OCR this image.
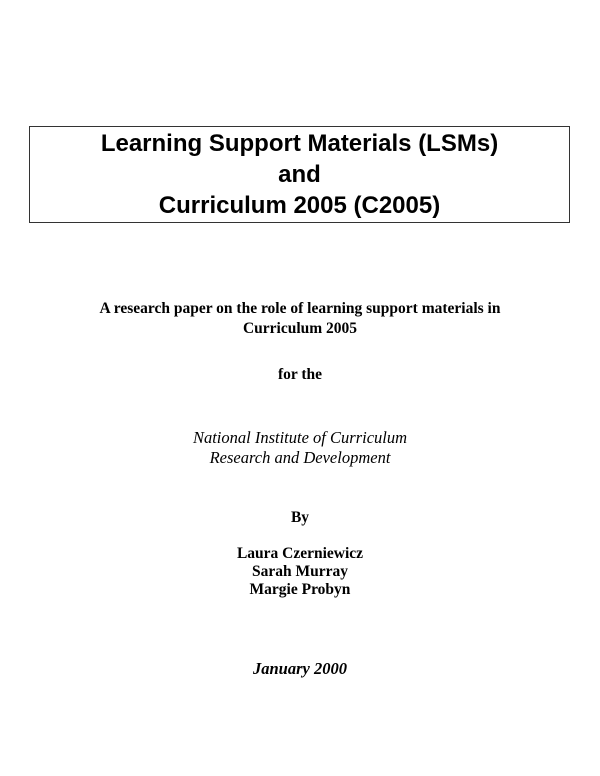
Learning Support Materials (LSMs)
and
Curriculum 2005 (C2005)
A research paper on the role of learning support materials in
Curriculum 2005
for the
National Institute of Curriculum
Research and Development
By
Laura Czerniewicz
Sarah Murray
Margie Probyn
January 2000
